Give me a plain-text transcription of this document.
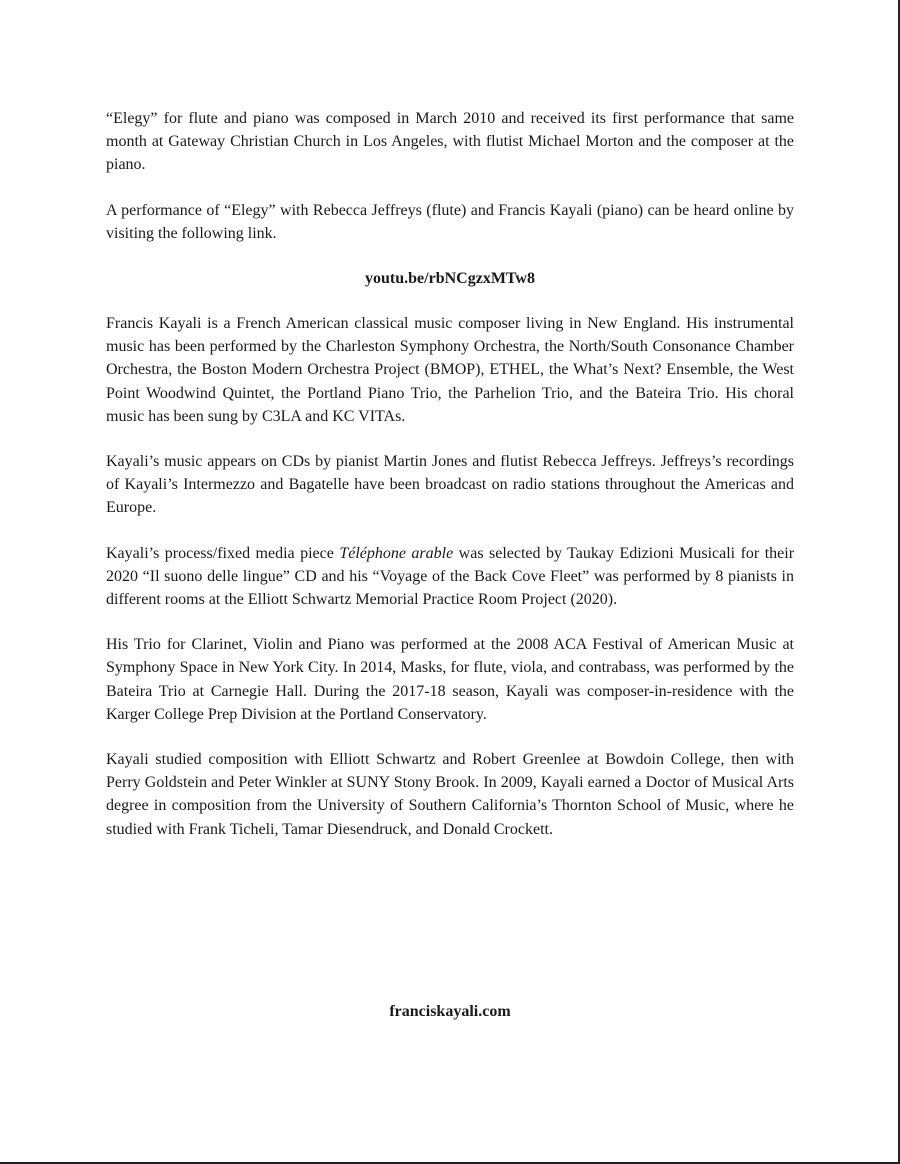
“Elegy” for flute and piano was composed in March 2010 and received its first performance that same month at Gateway Christian Church in Los Angeles, with flutist Michael Morton and the composer at the piano.

A performance of “Elegy” with Rebecca Jeffreys (flute) and Francis Kayali (piano) can be heard online by visiting the following link.

youtu.be/rbNCgzxMTw8

Francis Kayali is a French American classical music composer living in New England. His instrumental music has been performed by the Charleston Symphony Orchestra, the North/South Consonance Chamber Orchestra, the Boston Modern Orchestra Project (BMOP), ETHEL, the What’s Next? Ensemble, the West Point Woodwind Quintet, the Portland Piano Trio, the Parhelion Trio, and the Bateira Trio. His choral music has been sung by C3LA and KC VITAs.

Kayali’s music appears on CDs by pianist Martin Jones and flutist Rebecca Jeffreys. Jeffreys’s recordings of Kayali’s Intermezzo and Bagatelle have been broadcast on radio stations throughout the Americas and Europe.

Kayali’s process/fixed media piece Téléphone arable was selected by Taukay Edizioni Musicali for their 2020 “Il suono delle lingue” CD and his “Voyage of the Back Cove Fleet” was performed by 8 pianists in different rooms at the Elliott Schwartz Memorial Practice Room Project (2020).

His Trio for Clarinet, Violin and Piano was performed at the 2008 ACA Festival of American Music at Symphony Space in New York City. In 2014, Masks, for flute, viola, and contrabass, was performed by the Bateira Trio at Carnegie Hall. During the 2017-18 season, Kayali was composer-in-residence with the Karger College Prep Division at the Portland Conservatory.

Kayali studied composition with Elliott Schwartz and Robert Greenlee at Bowdoin College, then with Perry Goldstein and Peter Winkler at SUNY Stony Brook. In 2009, Kayali earned a Doctor of Musical Arts degree in composition from the University of Southern California’s Thornton School of Music, where he studied with Frank Ticheli, Tamar Diesendruck, and Donald Crockett.

franciskayali.com
